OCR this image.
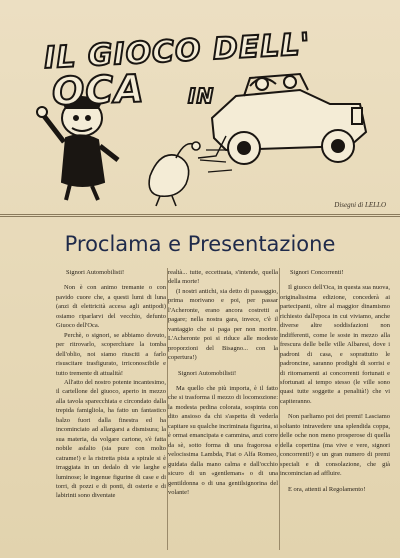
IL GIOCO DELL'
OCA IN
Disegni di LELLO
Proclama e Presentazione

Signori Automobilisti!

Non è con animo tremante o con pavido cuore che, a questi lumi di luna (anzi di elettricità accesa agli antipodi) osiamo riparlarvi del vecchio, defunto Giuoco dell'Oca.

Perchè, o signori, se abbiamo dovuto, per ritrovarlo, scoperchiare la tomba dell'oblio, noi siamo riusciti a farlo risuscitare trasfigurato, irriconoscibile e tutto tremente di attualità!

All'atto del nostro potente incantesimo, il cartellone del giuoco, aperto in mezzo alla tavola sparecchiata e circondato dalla trepida famigliola, ha fatto un fantastico balzo fuori dalla finestra ed ha incominciato ad allargarsi a dismisura; la sua materia, da volgare cartone, s'è fatta nobile asfalto (sia pure con molto catrame!) e la ristretta pista a spirale si è irraggiata in un dedalo di vie larghe e luminose; le ingenue figurine di case e di torri, di pozzi e di ponti, di osterie e di labirinti sono diventate

realtà... tutte, eccettuata, s'intende, quella della morte!

(I nostri antichi, sia detto di passaggio, prima morivano e poi, per passar l'Acheronte, erano ancora costretti a pagare; nella nostra gara, invece, c'è il vantaggio che si paga per non morire. L'Acheronte poi si riduce alle modeste proporzioni del Bisagno... con la copertura!)

Signori Automobilisti!

Ma quello che più importa, è il fatto che si trasforma il mezzo di locomozione: la modesta pedina colorata, sospinta con dito ansioso da chi s'aspetta di vederla capitare su qualche incriminata figurina, si è ormai emancipata e cammina, anzi corre da sè, sotto forma di una fragorosa e velocissima Lambda, Fiat o Alfa Romeo, guidata dalla mano calma e dall'occhio sicuro di un «gentleman» o di una gentildonna o di una gentilsignorina del volante!

Signori Concorrenti!

Il giuoco dell'Oca, in questa sua nuova, originalissima edizione, concederà ai partecipanti, oltre al maggior dinamismo richiesto dall'epoca in cui viviamo, anche diverse altre soddisfazioni non indifferenti, come le soste in mezzo alla frescura delle belle ville Albaresi, dove i padroni di casa, e soprattutto le padroncine, saranno prodighi di sorrisi e di ritornamenti ai concorrenti fortunati e sfortunati al tempo stesso (le ville sono quasi tutte soggette a penalità!) che vi capiteranno.

Non parliamo poi dei premi! Lasciamo soltanto intravedere una splendida coppa, delle oche non meno prosperose di quella della copertina (ma vive e vere, signori concorrenti!) e un gran numero di premi speciali e di consolazione, che già incomincian ad affluire.

E ora, attenti al Regolamento!
